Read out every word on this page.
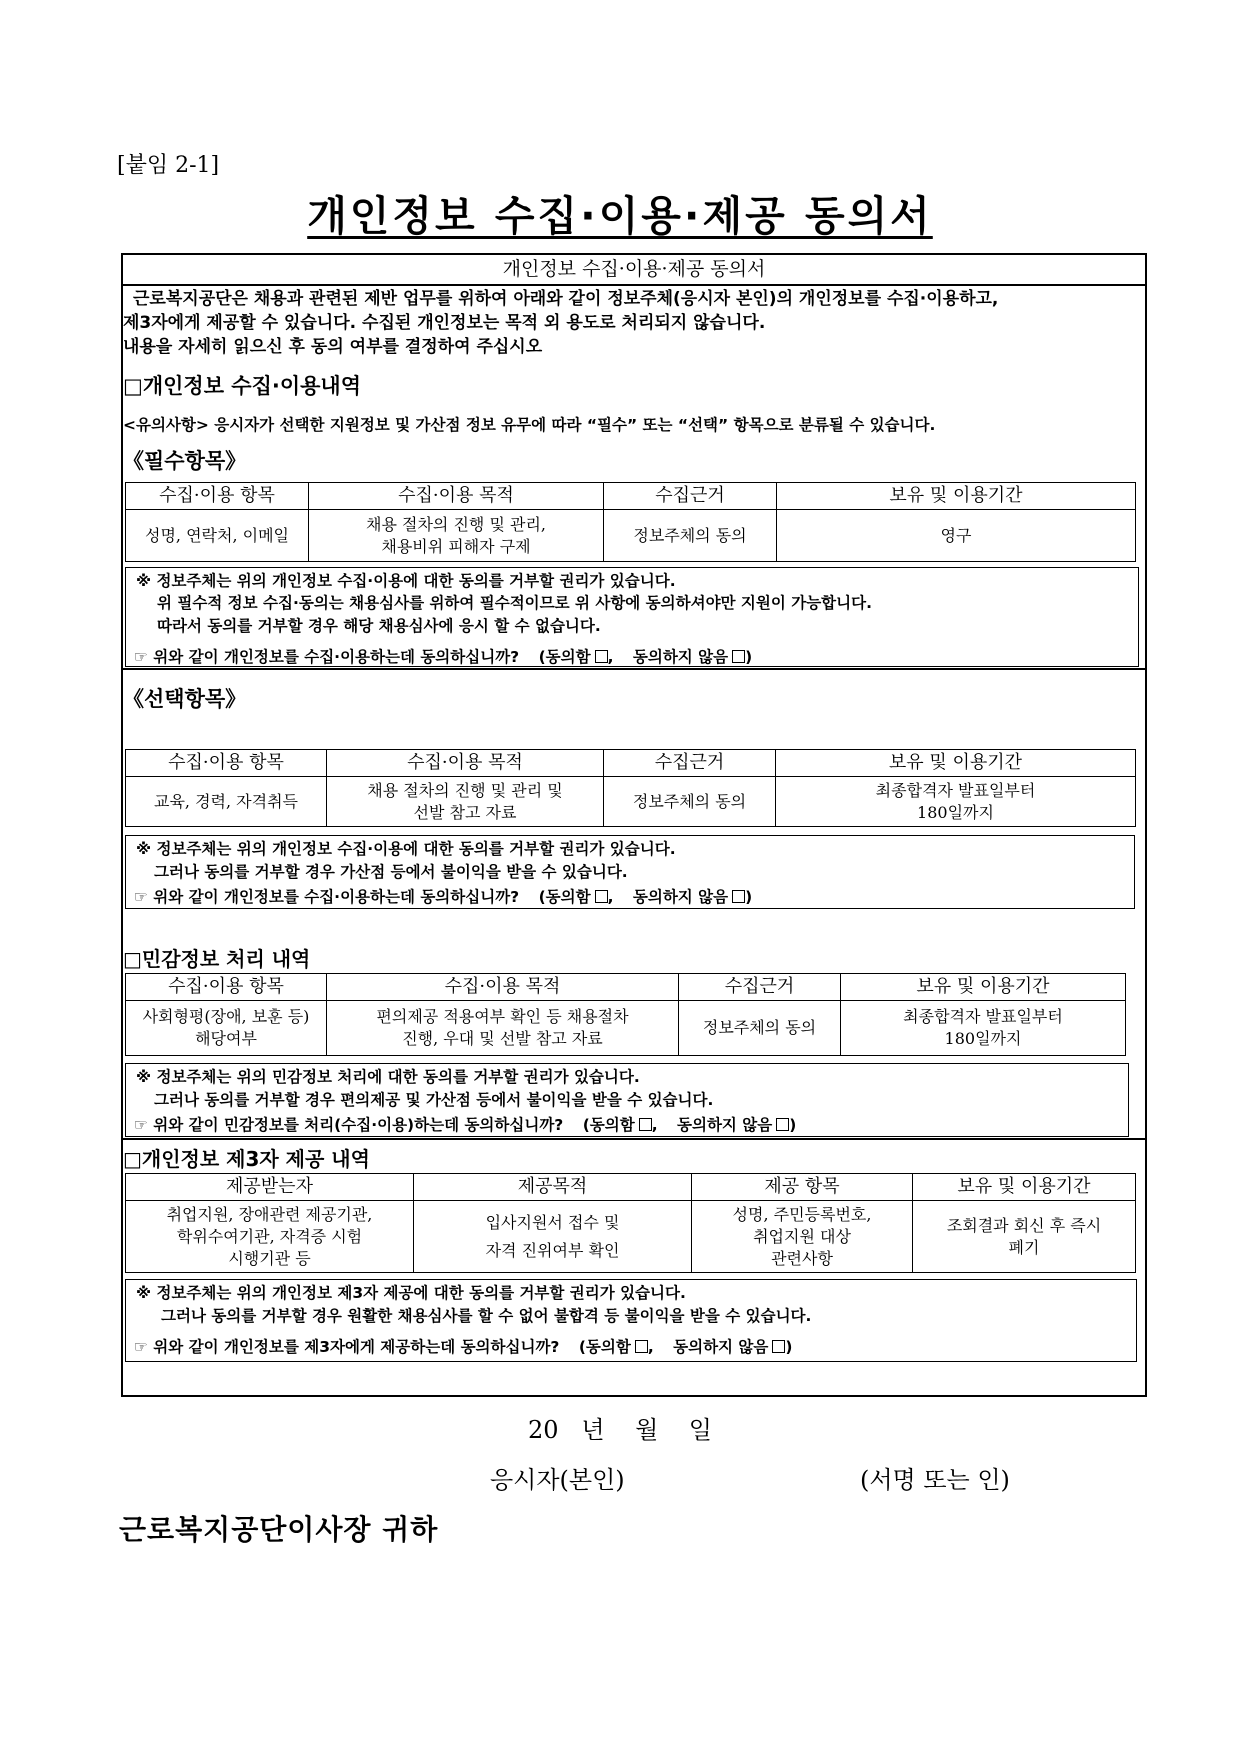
[붙임 2-1]
개인정보 수집·이용·제공 동의서
개인정보 수집·이용·제공 동의서
근로복지공단은 채용과 관련된 제반 업무를 위하여 아래와 같이 정보주체(응시자 본인)의 개인정보를 수집·이용하고,
제3자에게 제공할 수 있습니다. 수집된 개인정보는 목적 외 용도로 처리되지 않습니다.
내용을 자세히 읽으신 후 동의 여부를 결정하여 주십시오
□개인정보 수집·이용내역
<유의사항> 응시자가 선택한 지원정보 및 가산점 정보 유무에 따라 “필수” 또는 “선택” 항목으로 분류될 수 있습니다.
《필수항목》
수집·이용 항목	수집·이용 목적	수집근거	보유 및 이용기간
성명, 연락처, 이메일	채용 절차의 진행 및 관리,
채용비위 피해자 구제	정보주체의 동의	영구
※ 정보주체는 위의 개인정보 수집·이용에 대한 동의를 거부할 권리가 있습니다.
위 필수적 정보 수집·동의는 채용심사를 위하여 필수적이므로 위 사항에 동의하셔야만 지원이 가능합니다.
따라서 동의를 거부할 경우 해당 채용심사에 응시 할 수 없습니다.
☞ 위와 같이 개인정보를 수집·이용하는데 동의하십니까? (동의함 , 동의하지 않음 )
《선택항목》
수집·이용 항목	수집·이용 목적	수집근거	보유 및 이용기간
교육, 경력, 자격취득	채용 절차의 진행 및 관리 및
선발 참고 자료	정보주체의 동의	최종합격자 발표일부터
180일까지
※ 정보주체는 위의 개인정보 수집·이용에 대한 동의를 거부할 권리가 있습니다.
그러나 동의를 거부할 경우 가산점 등에서 불이익을 받을 수 있습니다.
☞ 위와 같이 개인정보를 수집·이용하는데 동의하십니까? (동의함 , 동의하지 않음 )
□민감정보 처리 내역
수집·이용 항목	수집·이용 목적	수집근거	보유 및 이용기간
사회형평(장애, 보훈 등)
해당여부	편의제공 적용여부 확인 등 채용절차
진행, 우대 및 선발 참고 자료	정보주체의 동의	최종합격자 발표일부터
180일까지
※ 정보주체는 위의 민감정보 처리에 대한 동의를 거부할 권리가 있습니다.
그러나 동의를 거부할 경우 편의제공 및 가산점 등에서 불이익을 받을 수 있습니다.
☞ 위와 같이 민감정보를 처리(수집·이용)하는데 동의하십니까? (동의함 , 동의하지 않음 )
□개인정보 제3자 제공 내역
제공받는자	제공목적	제공 항목	보유 및 이용기간
취업지원, 장애관련 제공기관,
학위수여기관, 자격증 시험
시행기관 등	입사지원서 접수 및
자격 진위여부 확인	성명, 주민등록번호,
취업지원 대상
관련사항	조회결과 회신 후 즉시
폐기
※ 정보주체는 위의 개인정보 제3자 제공에 대한 동의를 거부할 권리가 있습니다.
그러나 동의를 거부할 경우 원활한 채용심사를 할 수 없어 불합격 등 불이익을 받을 수 있습니다.
☞ 위와 같이 개인정보를 제3자에게 제공하는데 동의하십니까? (동의함 , 동의하지 않음 )
20   년    월    일
응시자(본인)	(서명 또는 인)
근로복지공단이사장 귀하
